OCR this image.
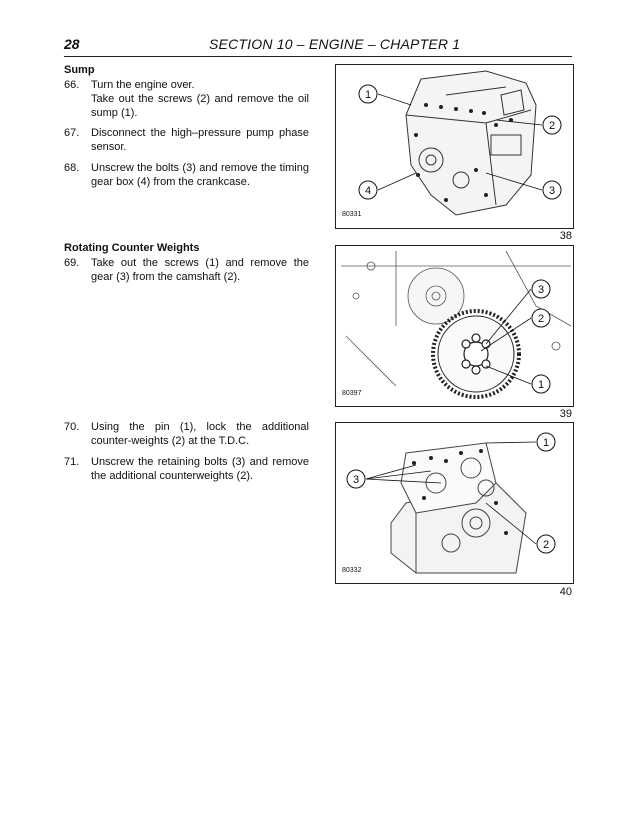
28	SECTION 10 – ENGINE – CHAPTER 1
Sump
66. Turn the engine over.
Take out the screws (2) and remove the oil sump (1).
67. Disconnect the high–pressure pump phase sensor.
68. Unscrew the bolts (3) and remove the timing gear box (4) from the crankcase.
Rotating Counter Weights
69. Take out the screws (1) and remove the gear (3) from the camshaft (2).
70. Using the pin (1), lock the additional counter-weights (2) at the T.D.C.
71. Unscrew the retaining bolts (3) and remove the additional counterweights (2).
1
2
3
4
80331
38
3
2
1
80397
39
1
3
2
80332
40
